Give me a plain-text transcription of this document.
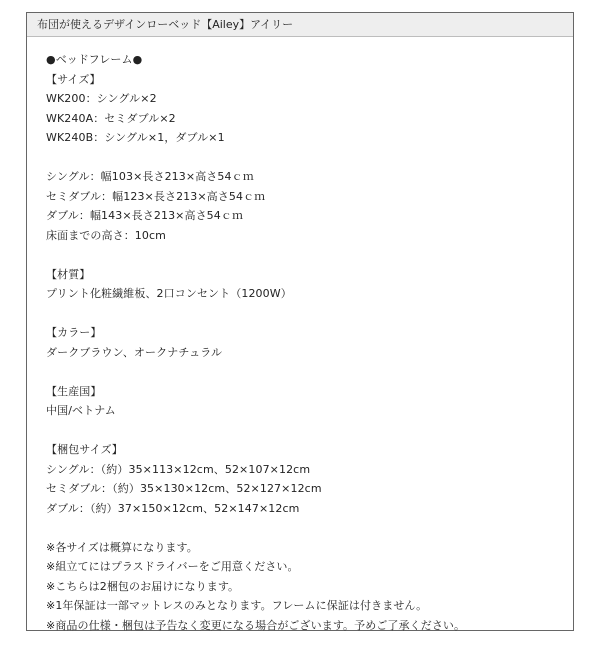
布団が使えるデザインローベッド【Ailey】アイリー
●ベッドフレーム●
【サイズ】
WK200：シングル×2
WK240A：セミダブル×2
WK240B：シングル×1，ダブル×1
シングル：幅103×長さ213×高さ54ｃｍ
セミダブル：幅123×長さ213×高さ54ｃｍ
ダブル：幅143×長さ213×高さ54ｃｍ
床面までの高さ：10cm
【材質】
プリント化粧繊維板、2口コンセント（1200W）
【カラー】
ダークブラウン、オークナチュラル
【生産国】
中国/ベトナム
【梱包サイズ】
シングル：（約）35×113×12cm、52×107×12cm
セミダブル：（約）35×130×12cm、52×127×12cm
ダブル：（約）37×150×12cm、52×147×12cm
※各サイズは概算になります。
※組立てにはプラスドライバーをご用意ください。
※こちらは2梱包のお届けになります。
※1年保証は一部マットレスのみとなります。フレームに保証は付きません。
※商品の仕様・梱包は予告なく変更になる場合がございます。予めご了承ください。
